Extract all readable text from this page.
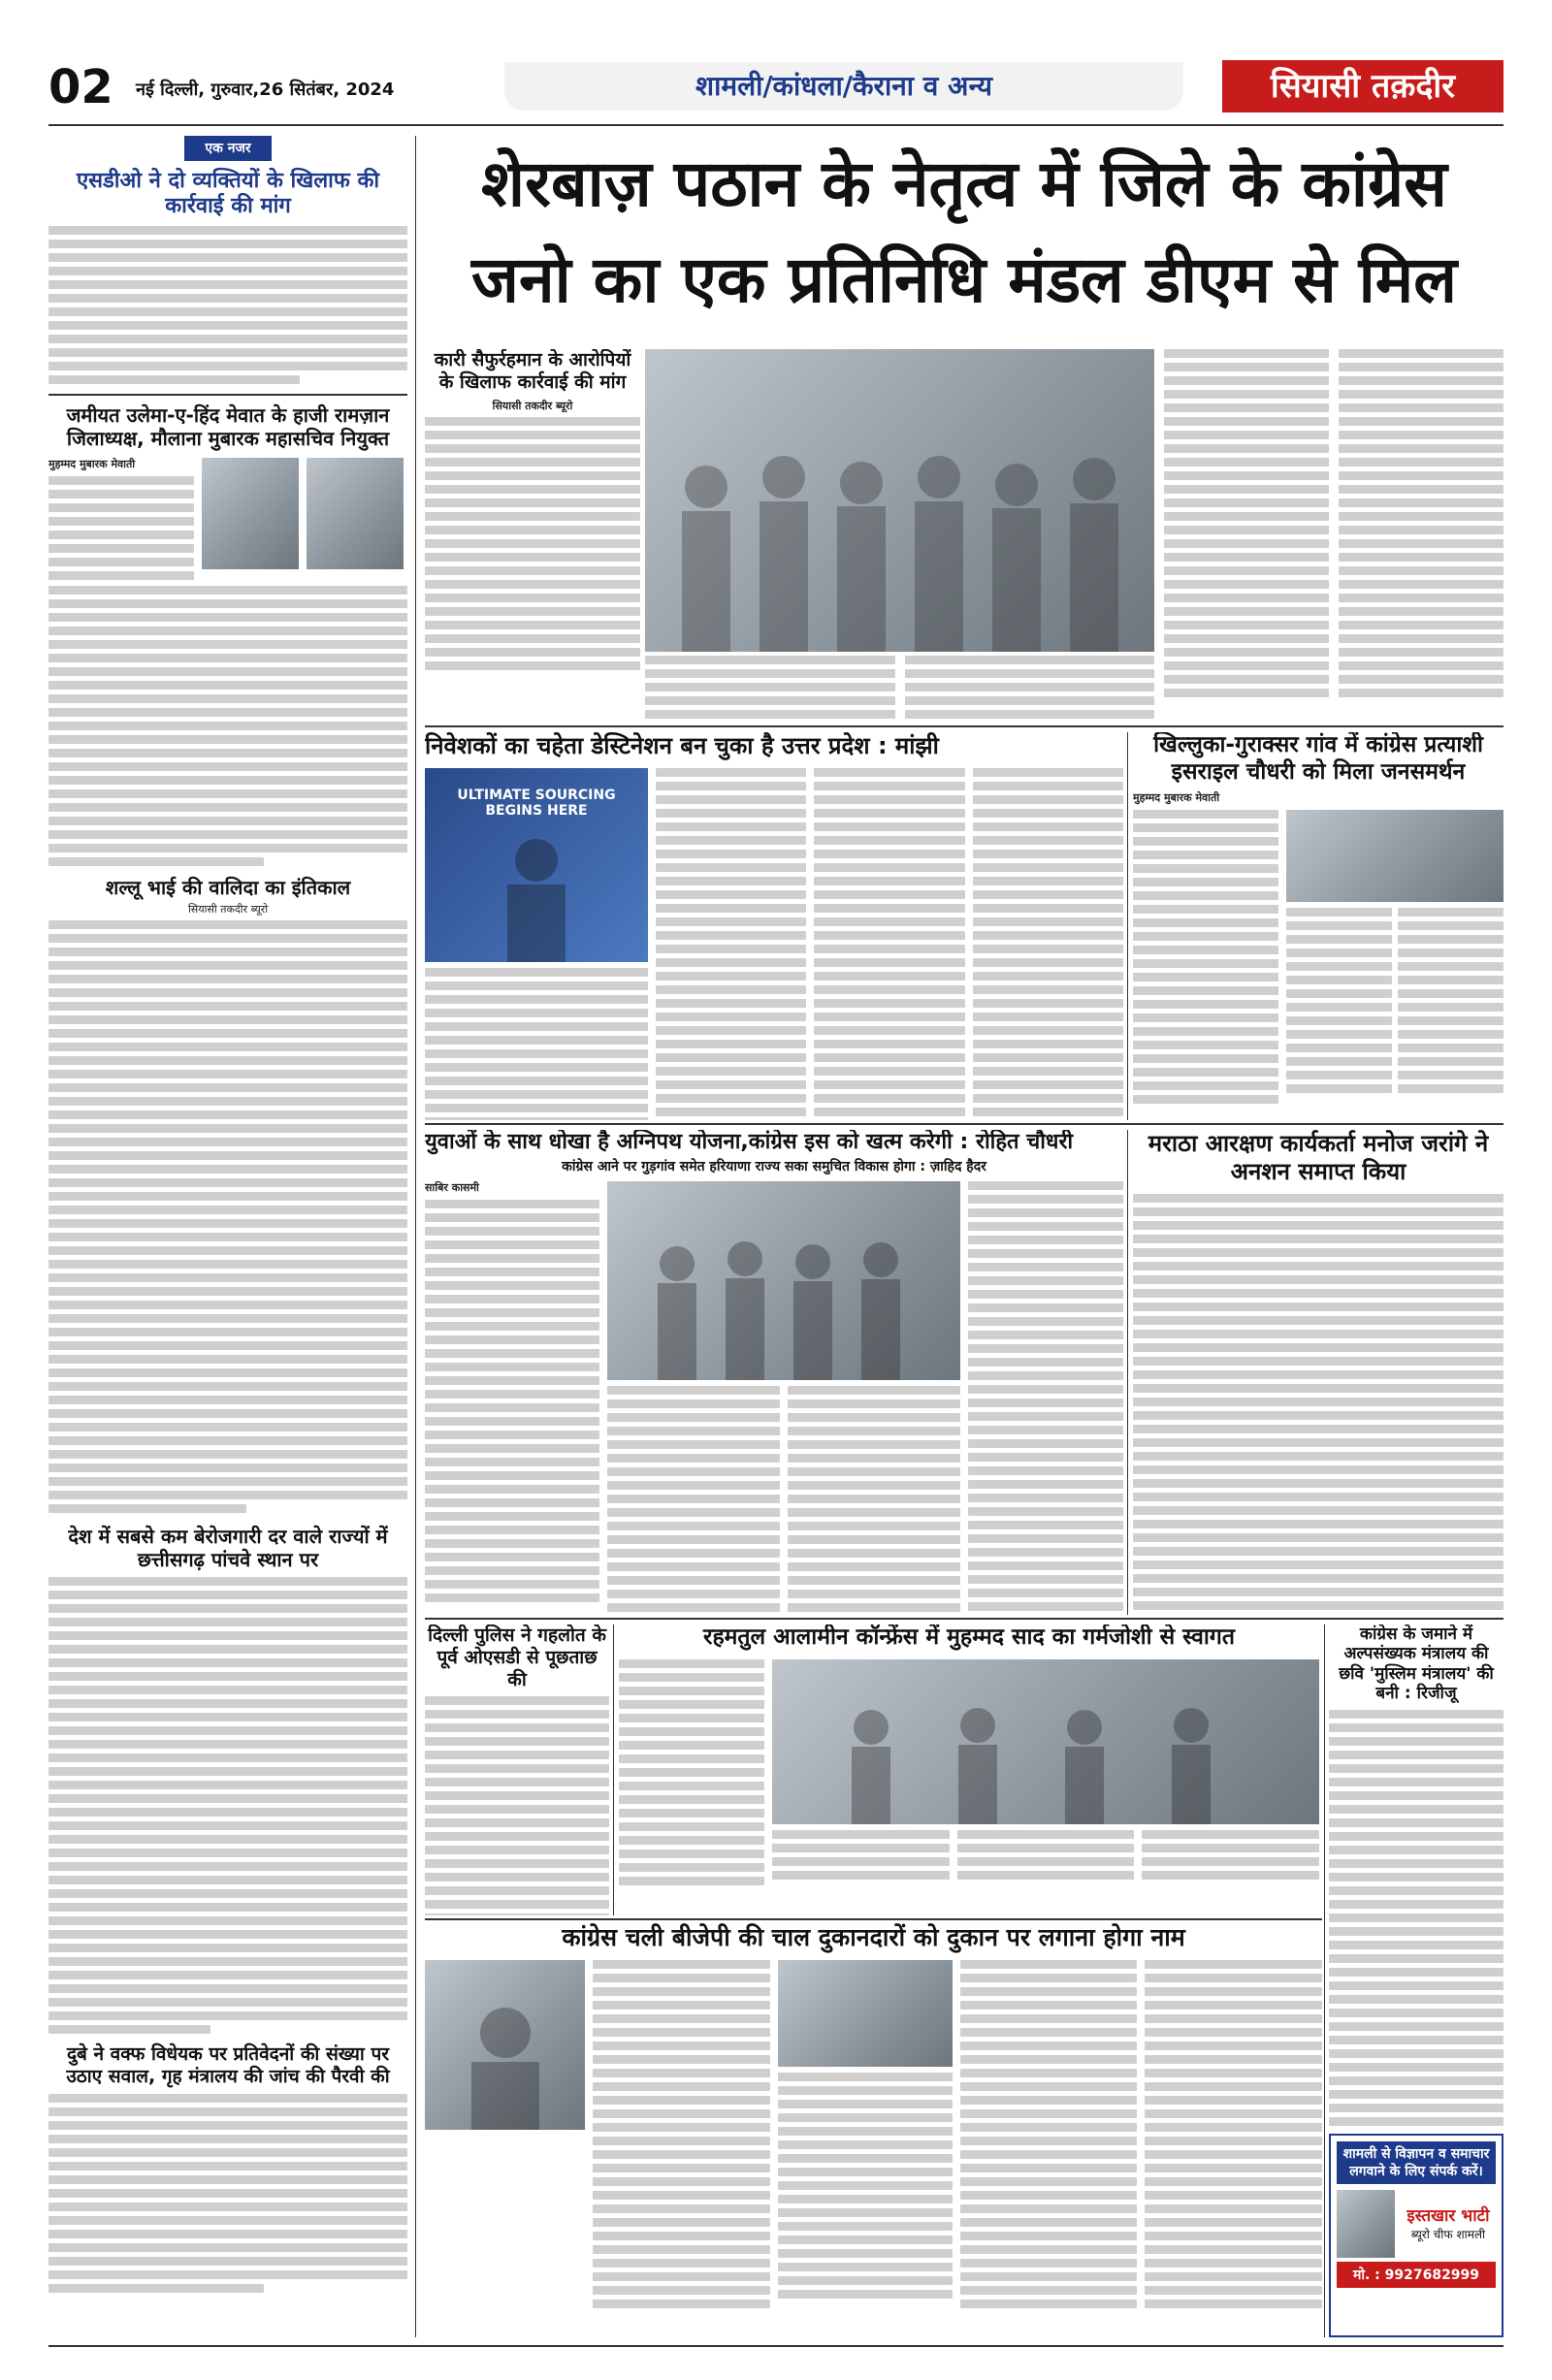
02 नई दिल्ली, गुरुवार,26 सितंबर, 2024	शामली/कांधला/कैराना व अन्य	सियासी तक़दीर
एक नजर
एसडीओ ने दो व्यक्तियों के खिलाफ की कार्रवाई की मांग
जमीयत उलेमा-ए-हिंद मेवात के हाजी रामज़ान जिलाध्यक्ष, मौलाना मुबारक महासचिव नियुक्त
मुहम्मद मुबारक मेवाती
शल्लू भाई की वालिदा का इंतिकाल
सियासी तकदीर ब्यूरो
देश में सबसे कम बेरोजगारी दर वाले राज्यों में छत्तीसगढ़ पांचवे स्थान पर
दुबे ने वक्फ विधेयक पर प्रतिवेदनों की संख्या पर उठाए सवाल, गृह मंत्रालय की जांच की पैरवी की
शेरबाज़ पठान के नेतृत्व में जिले के कांग्रेस
जनो का एक प्रतिनिधि मंडल डीएम से मिल
कारी सैफुर्रहमान के आरोपियों के खिलाफ कार्रवाई की मांग
सियासी तकदीर ब्यूरो
निवेशकों का चहेता डेस्टिनेशन बन चुका है उत्तर प्रदेश : मांझी
ULTIMATE SOURCING BEGINS HERE
खिल्लुका-गुराक्सर गांव में कांग्रेस प्रत्याशी
इसराइल चौधरी को मिला जनसमर्थन
मुहम्मद मुबारक मेवाती
युवाओं के साथ धोखा है अग्निपथ योजना,कांग्रेस इस को खत्म करेगी : रोहित चौधरी
कांग्रेस आने पर गुड़गांव समेत हरियाणा राज्य सका समुचित विकास होगा : ज़ाहिद हैदर
साबिर कासमी
मराठा आरक्षण कार्यकर्ता मनोज जरांगे ने अनशन समाप्त किया
दिल्ली पुलिस ने गहलोत के पूर्व ओएसडी से पूछताछ की
रहमतुल आलामीन कॉन्फ्रेंस में मुहम्मद साद का गर्मजोशी से स्वागत	कांग्रेस के जमाने में अल्पसंख्यक मंत्रालय की छवि 'मुस्लिम मंत्रालय' की बनी : रिजीजू
कांग्रेस चली बीजेपी की चाल दुकानदारों को दुकान पर लगाना होगा नाम
शामली से विज्ञापन व समाचार लगवाने के लिए संपर्क करें।
इस्तखार भाटी
ब्यूरो चीफ शामली
मो. : 9927682999
